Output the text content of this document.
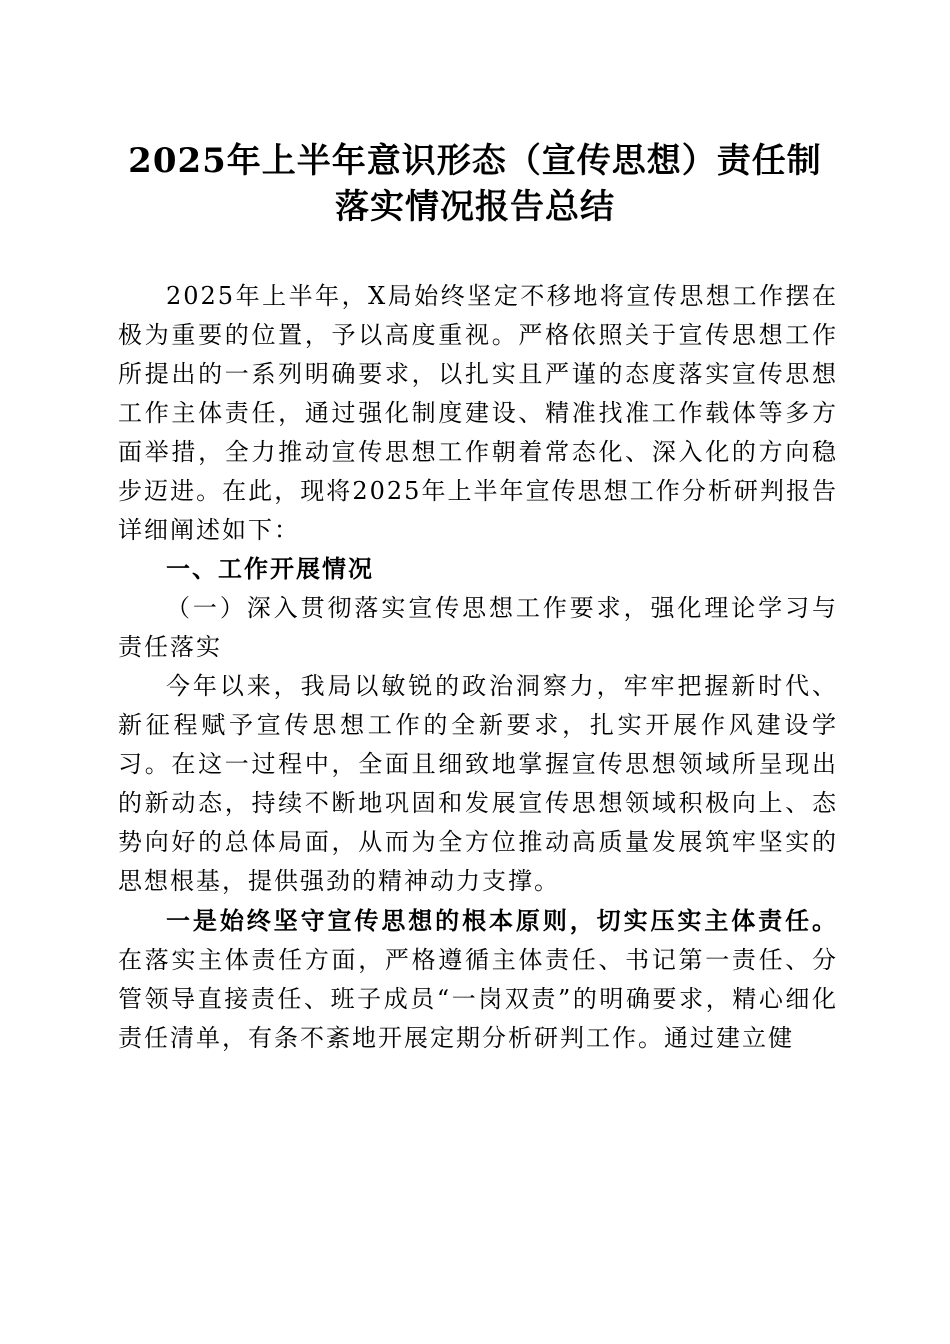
2025年上半年意识形态（宣传思想）责任制
落实情况报告总结

2025年上半年，X局始终坚定不移地将宣传思想工作摆在极为重要的位置，予以高度重视。严格依照关于宣传思想工作所提出的一系列明确要求，以扎实且严谨的态度落实宣传思想工作主体责任，通过强化制度建设、精准找准工作载体等多方面举措，全力推动宣传思想工作朝着常态化、深入化的方向稳步迈进。在此，现将2025年上半年宣传思想工作分析研判报告详细阐述如下：

一、工作开展情况

（一）深入贯彻落实宣传思想工作要求，强化理论学习与责任落实

今年以来，我局以敏锐的政治洞察力，牢牢把握新时代、新征程赋予宣传思想工作的全新要求，扎实开展作风建设学习。在这一过程中，全面且细致地掌握宣传思想领域所呈现出的新动态，持续不断地巩固和发展宣传思想领域积极向上、态势向好的总体局面，从而为全方位推动高质量发展筑牢坚实的思想根基，提供强劲的精神动力支撑。

一是始终坚守宣传思想的根本原则，切实压实主体责任。在落实主体责任方面，严格遵循主体责任、书记第一责任、分管领导直接责任、班子成员“一岗双责”的明确要求，精心细化责任清单，有条不紊地开展定期分析研判工作。通过建立健
